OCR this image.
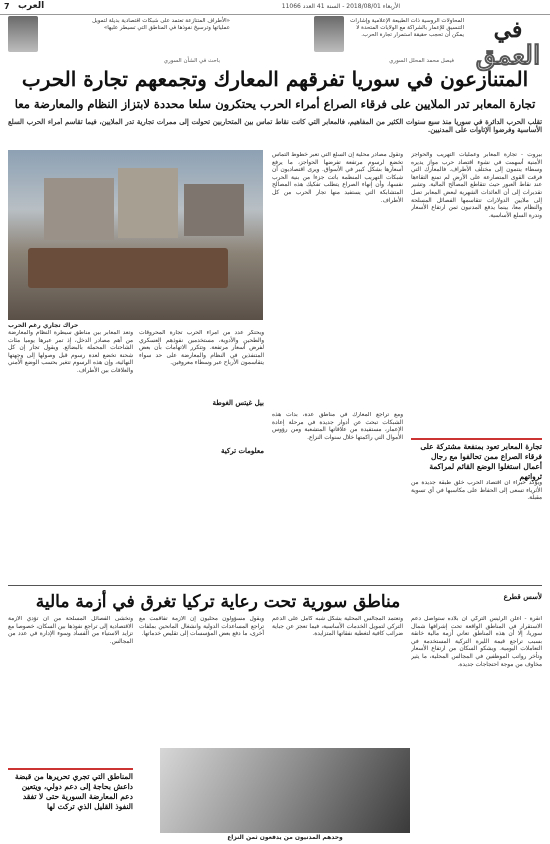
7 العرب	الأربعاء 2018/08/01 - السنة 41 العدد 11066
في
العمق
المحاولات الروسية ذات الطبيعة الإعلامية وإشارات التنسيق للإعمار بالشراكة مع الولايات المتحدة لا يمكن أن تحجب حقيقة استمرار تجارة الحرب.
فيصل محمد المحلل السوري
«الأطراف المتنازعة تعتمد على شبكات اقتصادية بديلة لتمويل عملياتها وترسيخ نفوذها في المناطق التي تسيطر عليها»
باحث في الشأن السوري
المتنازعون في سوريا تفرقهم المعارك وتجمعهم تجارة الحرب
تجارة المعابر تدر الملايين على فرقاء الصراع أمراء الحرب يحتكرون سلعا محددة لابتزاز النظام والمعارضة معا
تقلب الحرب الدائرة في سوريا منذ سبع سنوات الكثير من المفاهيم، فالمعابر التي كانت نقاط تماس بين المتحاربين تحولت إلى ممرات تجارية تدر الملايين، فيما تقاسم أمراء الحرب السلع الأساسية وفرضوا الإتاوات على المدنيين.
حراك تجاري رغم الحرب
بيروت - تجارة المعابر وعمليات التهريب والحواجز الأمنية أسهمت في نشوء اقتصاد حرب مواز يديره وسطاء ينتمون إلى مختلف الأطراف. فالمعارك التي فرقت القوى المتصارعة على الأرض لم تمنع التقاءها عند نقاط العبور حيث تتقاطع المصالح المالية. وتشير تقديرات إلى أن العائدات الشهرية لبعض المعابر تصل إلى ملايين الدولارات تتقاسمها الفصائل المسلحة والنظام معا، بينما يدفع المدنيون ثمن ارتفاع الأسعار وندرة السلع الأساسية.
وتقول مصادر محلية إن السلع التي تعبر خطوط التماس تخضع لرسوم مرتفعة تفرضها الحواجز، ما يرفع أسعارها بشكل كبير في الأسواق. ويرى اقتصاديون أن شبكات التهريب المنظمة باتت جزءا من بنية الحرب نفسها، وأن إنهاء الصراع يتطلب تفكيك هذه المصالح المتشابكة التي يستفيد منها تجار الحرب من كل الأطراف.
ومع تراجع المعارك في مناطق عدة، بدأت هذه الشبكات تبحث عن أدوار جديدة في مرحلة إعادة الإعمار، مستفيدة من علاقاتها المتشعبة ومن رؤوس الأموال التي راكمتها خلال سنوات النزاع.
ويحتكر عدد من أمراء الحرب تجارة المحروقات والطحين والأدوية، مستخدمين نفوذهم العسكري لفرض أسعار مرتفعة. وتتكرر الاتهامات بأن بعض المتنفذين في النظام والمعارضة على حد سواء يتقاسمون الأرباح عبر وسطاء معروفين.
وتعد المعابر بين مناطق سيطرة النظام والمعارضة من أهم مصادر الدخل، إذ تمر عبرها يوميا مئات الشاحنات المحملة بالبضائع. ويقول تجار إن كل شحنة تخضع لعدة رسوم قبل وصولها إلى وجهتها النهائية، وإن هذه الرسوم تتغير بحسب الوضع الأمني والعلاقات بين الأطراف.
بيل غيتس الغوطة
معلومات تركية	تجارة المعابر تعود بمنفعة مشتركة على فرقاء الصراع ممن تحالفوا مع رجال أعمال استغلوا الوضع القائم لمراكمة ثرواتهم
ويؤكد خبراء أن اقتصاد الحرب خلق طبقة جديدة من الأثرياء تسعى إلى الحفاظ على مكاسبها في أي تسوية مقبلة.
مناطق سورية تحت رعاية تركيا تغرق في أزمة مالية	لأسس قطرع
أنقرة - أعلن الرئيس التركي أن بلاده ستواصل دعم الاستقرار في المناطق الواقعة تحت إشرافها شمال سوريا، إلا أن هذه المناطق تعاني أزمة مالية خانقة بسبب تراجع قيمة الليرة التركية المستخدمة في التعاملات اليومية. ويشكو السكان من ارتفاع الأسعار وتأخر رواتب الموظفين في المجالس المحلية، ما يثير مخاوف من موجة احتجاجات جديدة.
وتعتمد المجالس المحلية بشكل شبه كامل على الدعم التركي لتمويل الخدمات الأساسية، فيما تعجز عن جباية ضرائب كافية لتغطية نفقاتها المتزايدة.
ويقول مسؤولون محليون إن الأزمة تفاقمت مع تراجع المساعدات الدولية وانشغال المانحين بملفات أخرى، ما دفع بعض المؤسسات إلى تقليص خدماتها.
وتخشى الفصائل المسلحة من أن تؤدي الأزمة الاقتصادية إلى تراجع نفوذها بين السكان، خصوصا مع تزايد الاستياء من الفساد وسوء الإدارة في عدد من المجالس.
وحدهم المدنيون من يدفعون ثمن النزاع
المناطق التي تجري تحريرها من قبضة داعش بحاجة إلى دعم دولي، ويتعين دعم المعارضة السورية حتى لا تفقد النفوذ القليل الذي تركت لها
